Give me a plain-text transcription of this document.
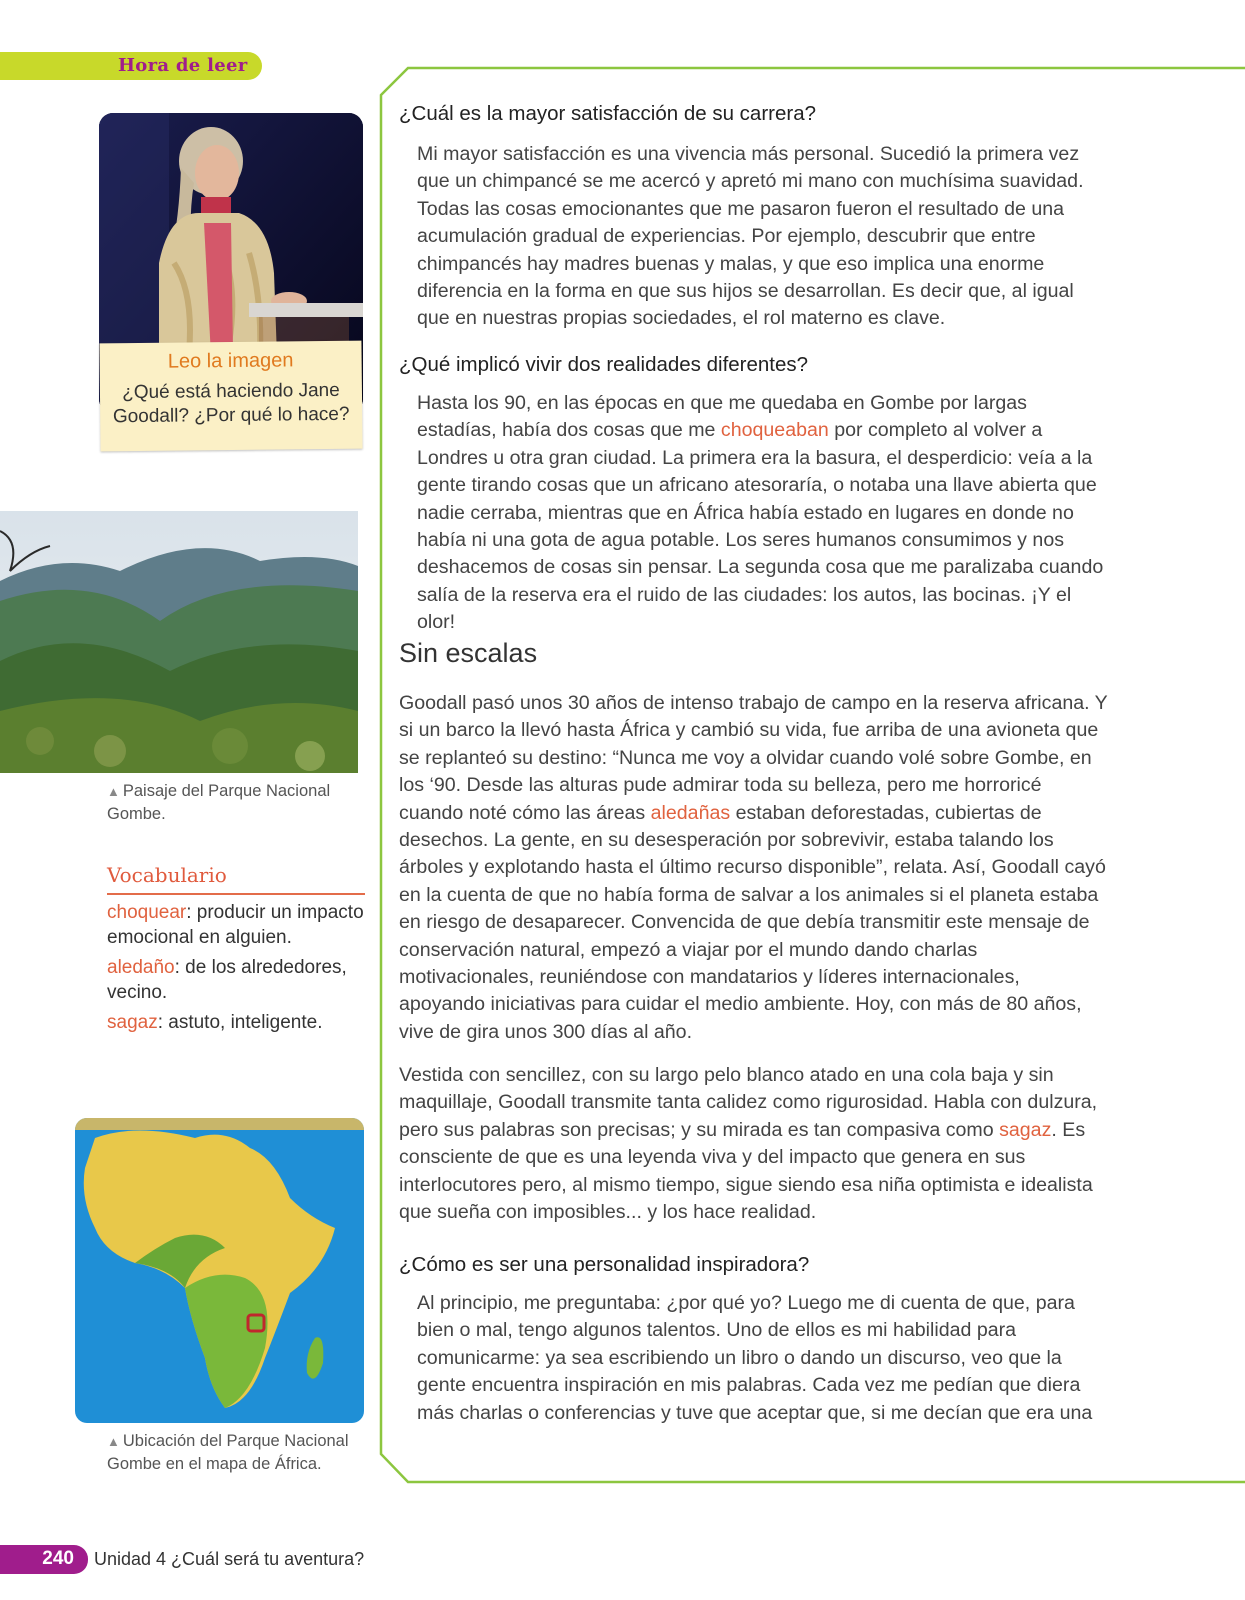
Hora de leer
Leo la imagen
¿Qué está haciendo Jane Goodall? ¿Por qué lo hace?
▲ Paisaje del Parque Nacional Gombe.
Vocabulario

choquear: producir un impacto emocional en alguien.

aledaño: de los alrededores, vecino.

sagaz: astuto, inteligente.

▲ Ubicación del Parque Nacional Gombe en el mapa de África.
¿Cuál es la mayor satisfacción de su carrera?

Mi mayor satisfacción es una vivencia más personal. Sucedió la primera vez que un chimpancé se me acercó y apretó mi mano con muchísima suavidad. Todas las cosas emocionantes que me pasaron fueron el resultado de una acumulación gradual de experiencias. Por ejemplo, descubrir que entre chimpancés hay madres buenas y malas, y que eso implica una enorme diferencia en la forma en que sus hijos se desarrollan. Es decir que, al igual que en nuestras propias sociedades, el rol materno es clave.

¿Qué implicó vivir dos realidades diferentes?

Hasta los 90, en las épocas en que me quedaba en Gombe por largas estadías, había dos cosas que me choqueaban por completo al volver a Londres u otra gran ciudad. La primera era la basura, el desperdicio: veía a la gente tirando cosas que un africano atesoraría, o notaba una llave abierta que nadie cerraba, mientras que en África había estado en lugares en donde no había ni una gota de agua potable. Los seres humanos consumimos y nos deshacemos de cosas sin pensar. La segunda cosa que me paralizaba cuando salía de la reserva era el ruido de las ciudades: los autos, las bocinas. ¡Y el olor!

Sin escalas

Goodall pasó unos 30 años de intenso trabajo de campo en la reserva africana. Y si un barco la llevó hasta África y cambió su vida, fue arriba de una avioneta que se replanteó su destino: “Nunca me voy a olvidar cuando volé sobre Gombe, en los ‘90. Desde las alturas pude admirar toda su belleza, pero me horroricé cuando noté cómo las áreas aledañas estaban deforestadas, cubiertas de desechos. La gente, en su desesperación por sobrevivir, estaba talando los árboles y explotando hasta el último recurso disponible”, relata. Así, Goodall cayó en la cuenta de que no había forma de salvar a los animales si el planeta estaba en riesgo de desaparecer. Convencida de que debía transmitir este mensaje de conservación natural, empezó a viajar por el mundo dando charlas motivacionales, reuniéndose con mandatarios y líderes internacionales, apoyando iniciativas para cuidar el medio ambiente. Hoy, con más de 80 años, vive de gira unos 300 días al año.

Vestida con sencillez, con su largo pelo blanco atado en una cola baja y sin maquillaje, Goodall transmite tanta calidez como rigurosidad. Habla con dulzura, pero sus palabras son precisas; y su mirada es tan compasiva como sagaz. Es consciente de que es una leyenda viva y del impacto que genera en sus interlocutores pero, al mismo tiempo, sigue siendo esa niña optimista e idealista que sueña con imposibles... y los hace realidad.

¿Cómo es ser una personalidad inspiradora?

Al principio, me preguntaba: ¿por qué yo? Luego me di cuenta de que, para bien o mal, tengo algunos talentos. Uno de ellos es mi habilidad para comunicarme: ya sea escribiendo un libro o dando un discurso, veo que la gente encuentra inspiración en mis palabras. Cada vez me pedían que diera más charlas o conferencias y tuve que aceptar que, si me decían que era una

240 Unidad 4 ¿Cuál será tu aventura?
